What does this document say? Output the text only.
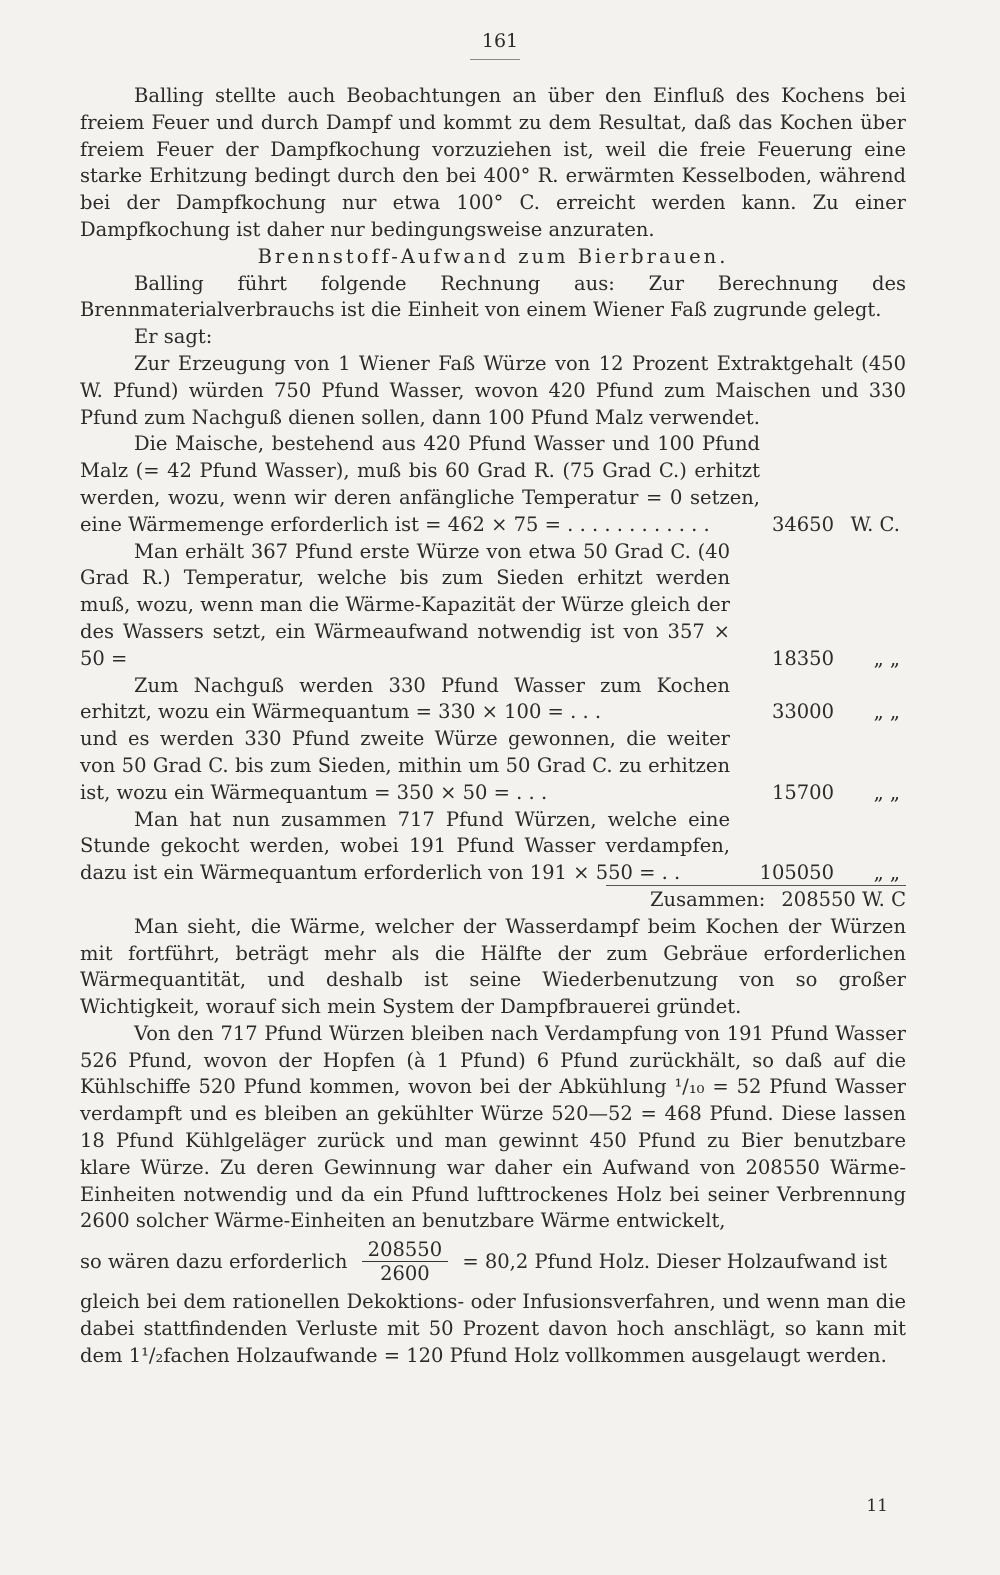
161

Balling stellte auch Beobachtungen an über den Einfluß des Kochens bei freiem Feuer und durch Dampf und kommt zu dem Resultat, daß das Kochen über freiem Feuer der Dampfkochung vorzuziehen ist, weil die freie Feuerung eine starke Erhitzung bedingt durch den bei 400° R. erwärmten Kesselboden, während bei der Dampfkochung nur etwa 100° C. erreicht werden kann. Zu einer Dampfkochung ist daher nur bedingungsweise anzuraten.

Brennstoff-Aufwand zum Bierbrauen.

Balling führt folgende Rechnung aus: Zur Berechnung des Brennmaterialverbrauchs ist die Einheit von einem Wiener Faß zugrunde gelegt.

Er sagt:

Zur Erzeugung von 1 Wiener Faß Würze von 12 Prozent Extraktgehalt (450 W. Pfund) würden 750 Pfund Wasser, wovon 420 Pfund zum Maischen und 330 Pfund zum Nachguß dienen sollen, dann 100 Pfund Malz verwendet.

Die Maische, bestehend aus 420 Pfund Wasser und 100 Pfund Malz (= 42 Pfund Wasser), muß bis 60 Grad R. (75 Grad C.) erhitzt werden, wozu, wenn wir deren anfängliche Temperatur = 0 setzen, eine Wärmemenge erforderlich ist = 462 × 75 = . . . . . . . . . . . .	34650 W. C.

Man erhält 367 Pfund erste Würze von etwa 50 Grad C. (40 Grad R.) Temperatur, welche bis zum Sieden erhitzt werden muß, wozu, wenn man die Wärme-Kapazität der Würze gleich der des Wassers setzt, ein Wärmeaufwand notwendig ist von 357 × 50 =	18350 „ „

Zum Nachguß werden 330 Pfund Wasser zum Kochen erhitzt, wozu ein Wärmequantum = 330 × 100 = . . .	33000 „ „

und es werden 330 Pfund zweite Würze gewonnen, die weiter von 50 Grad C. bis zum Sieden, mithin um 50 Grad C. zu erhitzen ist, wozu ein Wärmequantum = 350 × 50 = . . .	15700 „ „

Man hat nun zusammen 717 Pfund Würzen, welche eine Stunde gekocht werden, wobei 191 Pfund Wasser verdampfen, dazu ist ein Wärmequantum erforderlich von 191 × 550 = . .	105050 „ „
Zusammen: 208550 W. C

Man sieht, die Wärme, welcher der Wasserdampf beim Kochen der Würzen mit fortführt, beträgt mehr als die Hälfte der zum Gebräue erforderlichen Wärmequantität, und deshalb ist seine Wiederbenutzung von so großer Wichtigkeit, worauf sich mein System der Dampfbrauerei gründet.

Von den 717 Pfund Würzen bleiben nach Verdampfung von 191 Pfund Wasser 526 Pfund, wovon der Hopfen (à 1 Pfund) 6 Pfund zurückhält, so daß auf die Kühlschiffe 520 Pfund kommen, wovon bei der Abkühlung ¹/₁₀ = 52 Pfund Wasser verdampft und es bleiben an gekühlter Würze 520—52 = 468 Pfund. Diese lassen 18 Pfund Kühlgeläger zurück und man gewinnt 450 Pfund zu Bier benutzbare klare Würze. Zu deren Gewinnung war daher ein Aufwand von 208550 Wärme-Einheiten notwendig und da ein Pfund lufttrockenes Holz bei seiner Verbrennung 2600 solcher Wärme-Einheiten an benutzbare Wärme entwickelt,

so wären dazu erforderlich $\frac{208550}{2600} = 80,2$ Pfund Holz. Dieser Holzaufwand ist

gleich bei dem rationellen Dekoktions- oder Infusionsverfahren, und wenn man die dabei stattfindenden Verluste mit 50 Prozent davon hoch anschlägt, so kann mit dem 1¹/₂fachen Holzaufwande = 120 Pfund Holz vollkommen ausgelaugt werden.

11
